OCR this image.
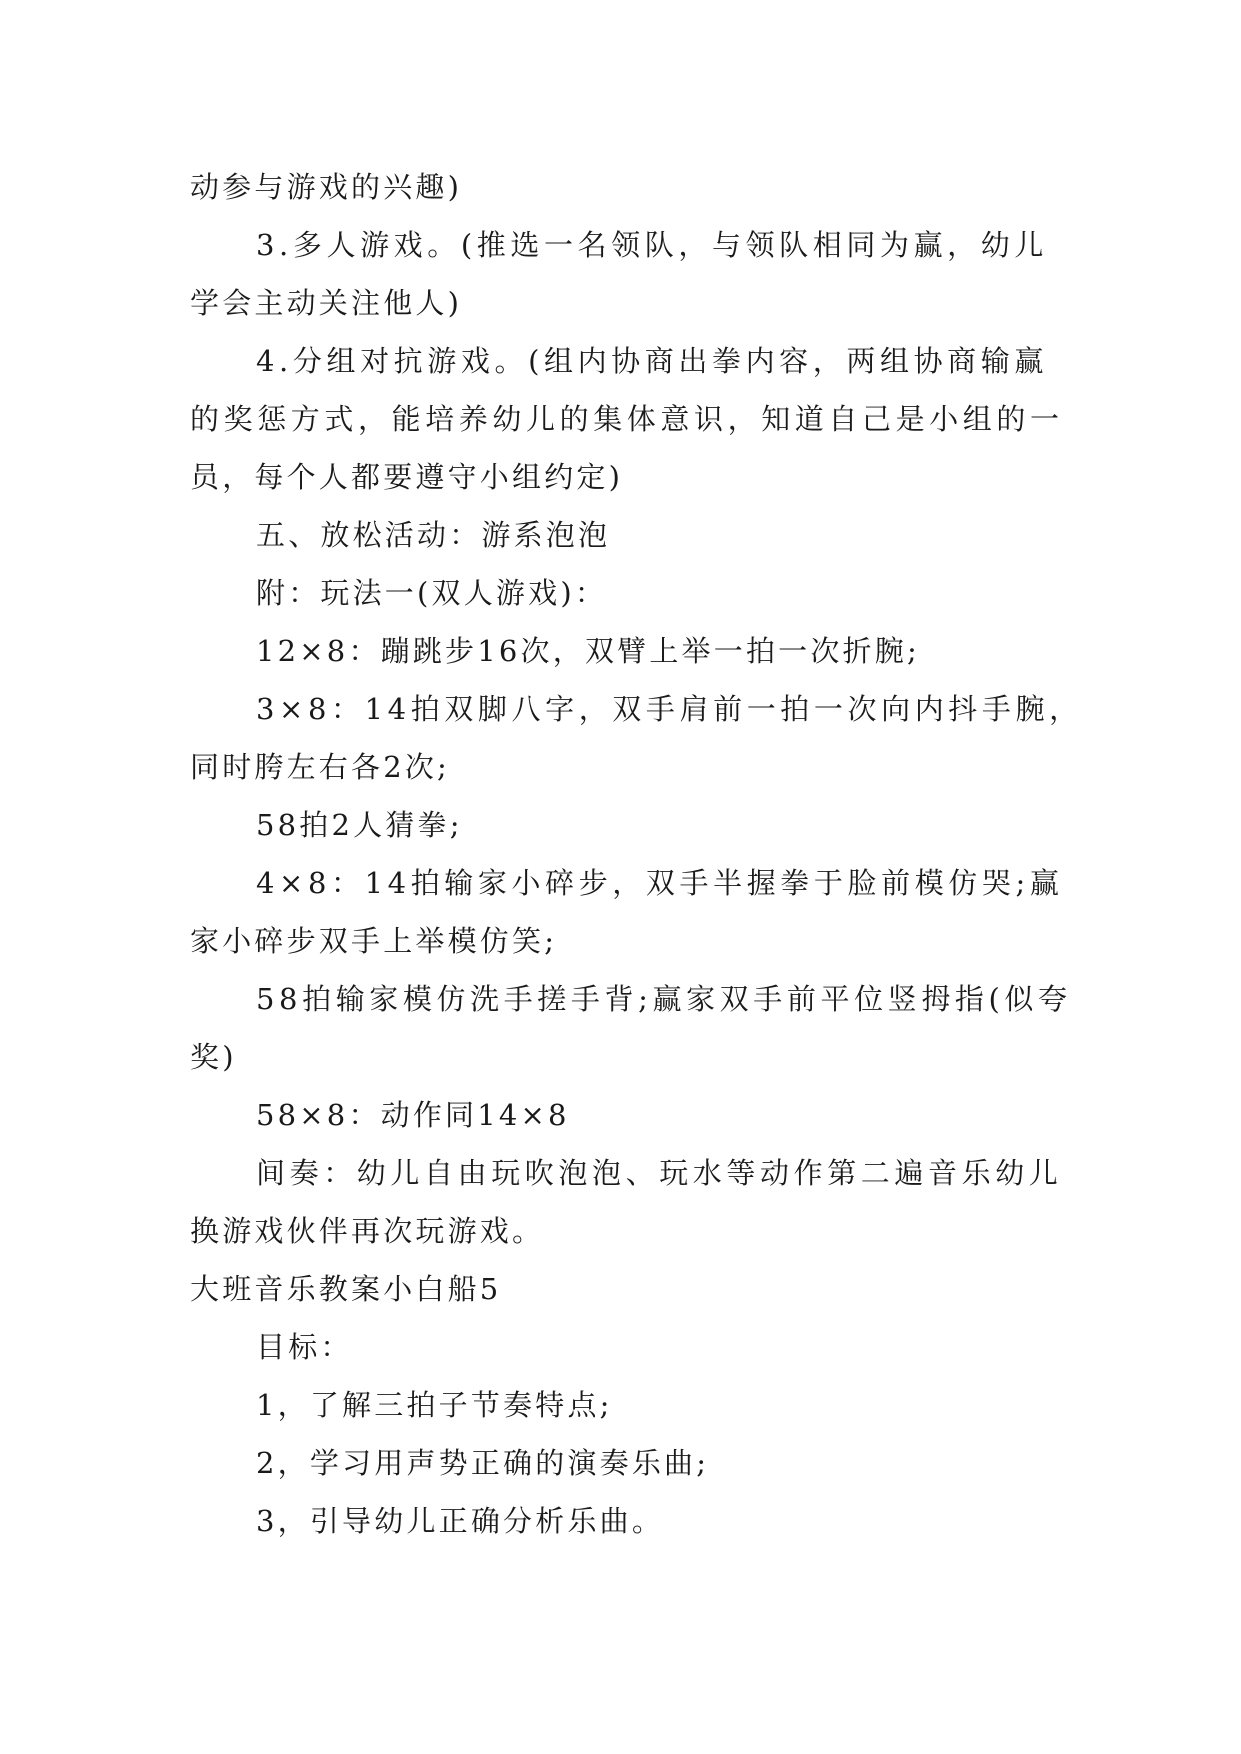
动参与游戏的兴趣)
3.多人游戏。(推选一名领队，与领队相同为赢，幼儿
学会主动关注他人)
4.分组对抗游戏。(组内协商出拳内容，两组协商输赢
的奖惩方式，能培养幼儿的集体意识，知道自己是小组的一
员，每个人都要遵守小组约定)
五、放松活动：游系泡泡
附：玩法一(双人游戏)：
12×8：蹦跳步16次，双臂上举一拍一次折腕;
3×8：14拍双脚八字，双手肩前一拍一次向内抖手腕，
同时胯左右各2次;
58拍2人猜拳;
4×8：14拍输家小碎步，双手半握拳于脸前模仿哭;赢
家小碎步双手上举模仿笑;
58拍输家模仿洗手搓手背;赢家双手前平位竖拇指(似夸
奖)
58×8：动作同14×8
间奏：幼儿自由玩吹泡泡、玩水等动作第二遍音乐幼儿
换游戏伙伴再次玩游戏。
大班音乐教案小白船5
目标：
1，了解三拍子节奏特点;
2，学习用声势正确的演奏乐曲;
3，引导幼儿正确分析乐曲。
